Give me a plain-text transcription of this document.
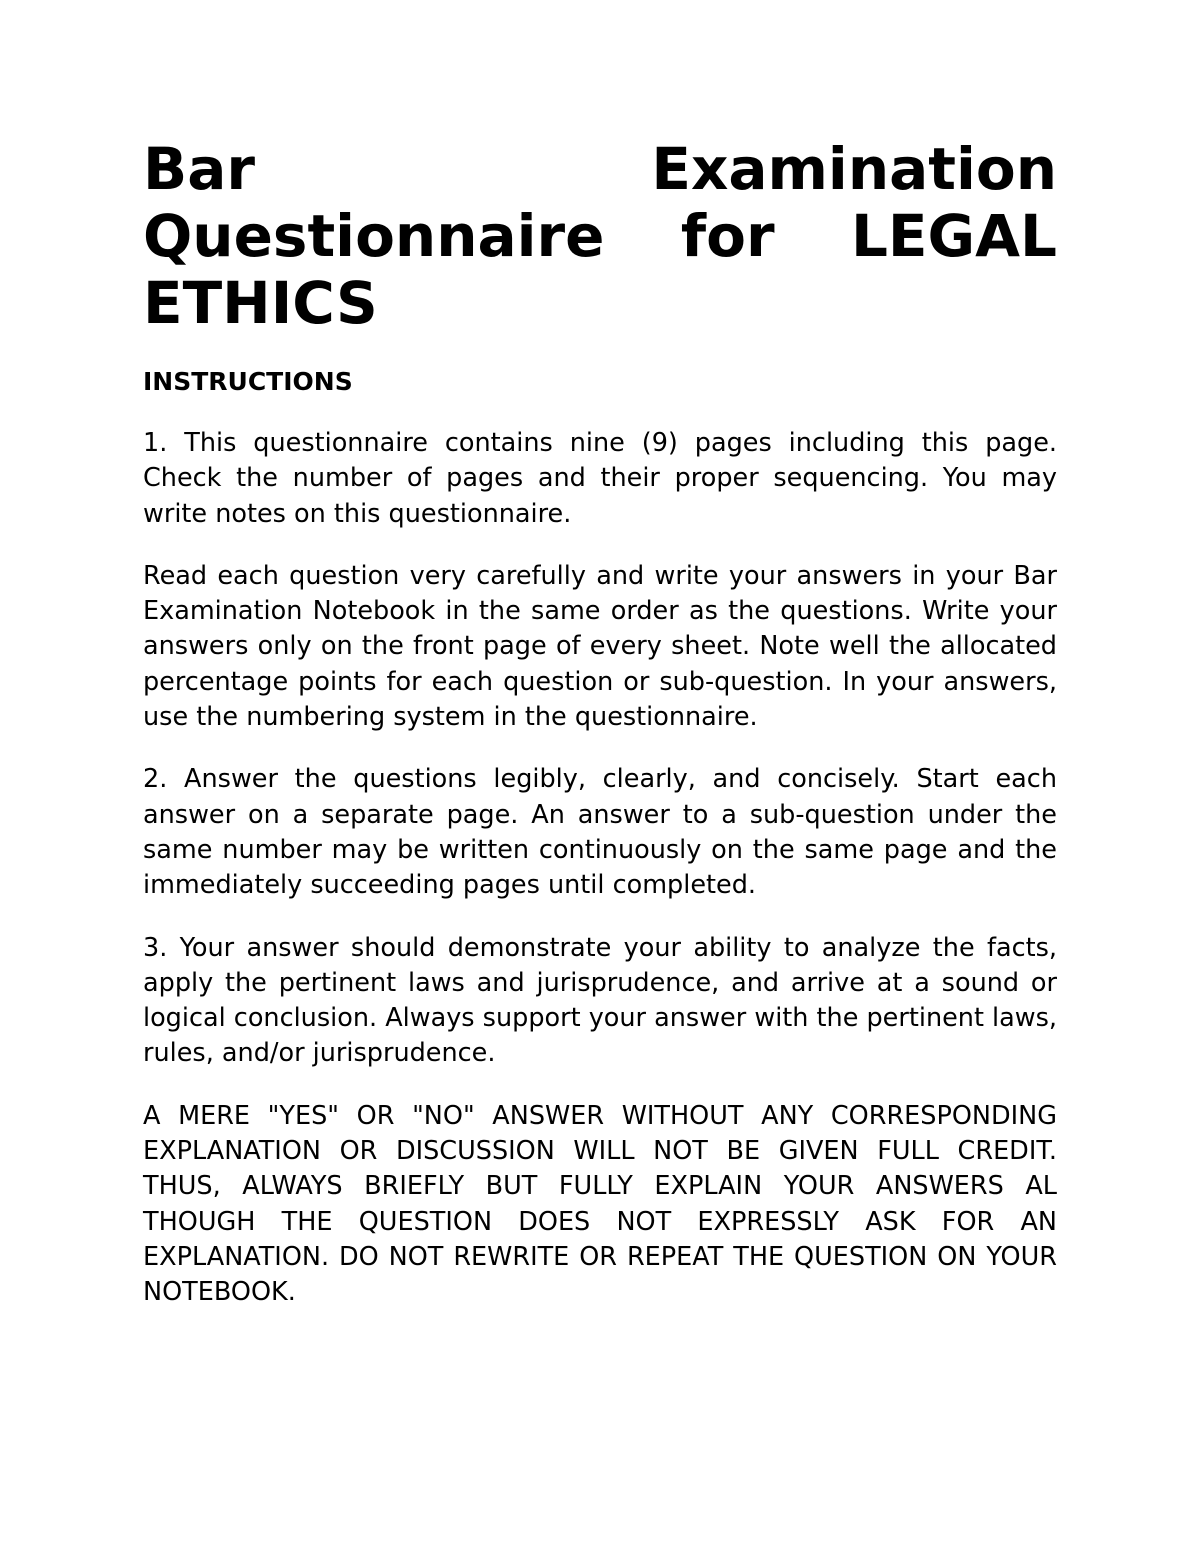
Bar Examination Questionnaire for LEGAL ETHICS
INSTRUCTIONS

1. This questionnaire contains nine (9) pages including this page. Check the number of pages and their proper sequencing. You may write notes on this questionnaire.

Read each question very carefully and write your answers in your Bar Examination Notebook in the same order as the questions. Write your answers only on the front page of every sheet. Note well the allocated percentage points for each question or sub-question. In your answers, use the numbering system in the questionnaire.

2. Answer the questions legibly, clearly, and concisely. Start each answer on a separate page. An answer to a sub-question under the same number may be written continuously on the same page and the immediately succeeding pages until completed.

3. Your answer should demonstrate your ability to analyze the facts, apply the pertinent laws and jurisprudence, and arrive at a sound or logical conclusion. Always support your answer with the pertinent laws, rules, and/or jurisprudence.

A MERE "YES" OR "NO" ANSWER WITHOUT ANY CORRESPONDING EXPLANATION OR DISCUSSION WILL NOT BE GIVEN FULL CREDIT. THUS, ALWAYS BRIEFLY BUT FULLY EXPLAIN YOUR ANSWERS AL THOUGH THE QUESTION DOES NOT EXPRESSLY ASK FOR AN EXPLANATION. DO NOT REWRITE OR REPEAT THE QUESTION ON YOUR NOTEBOOK.
